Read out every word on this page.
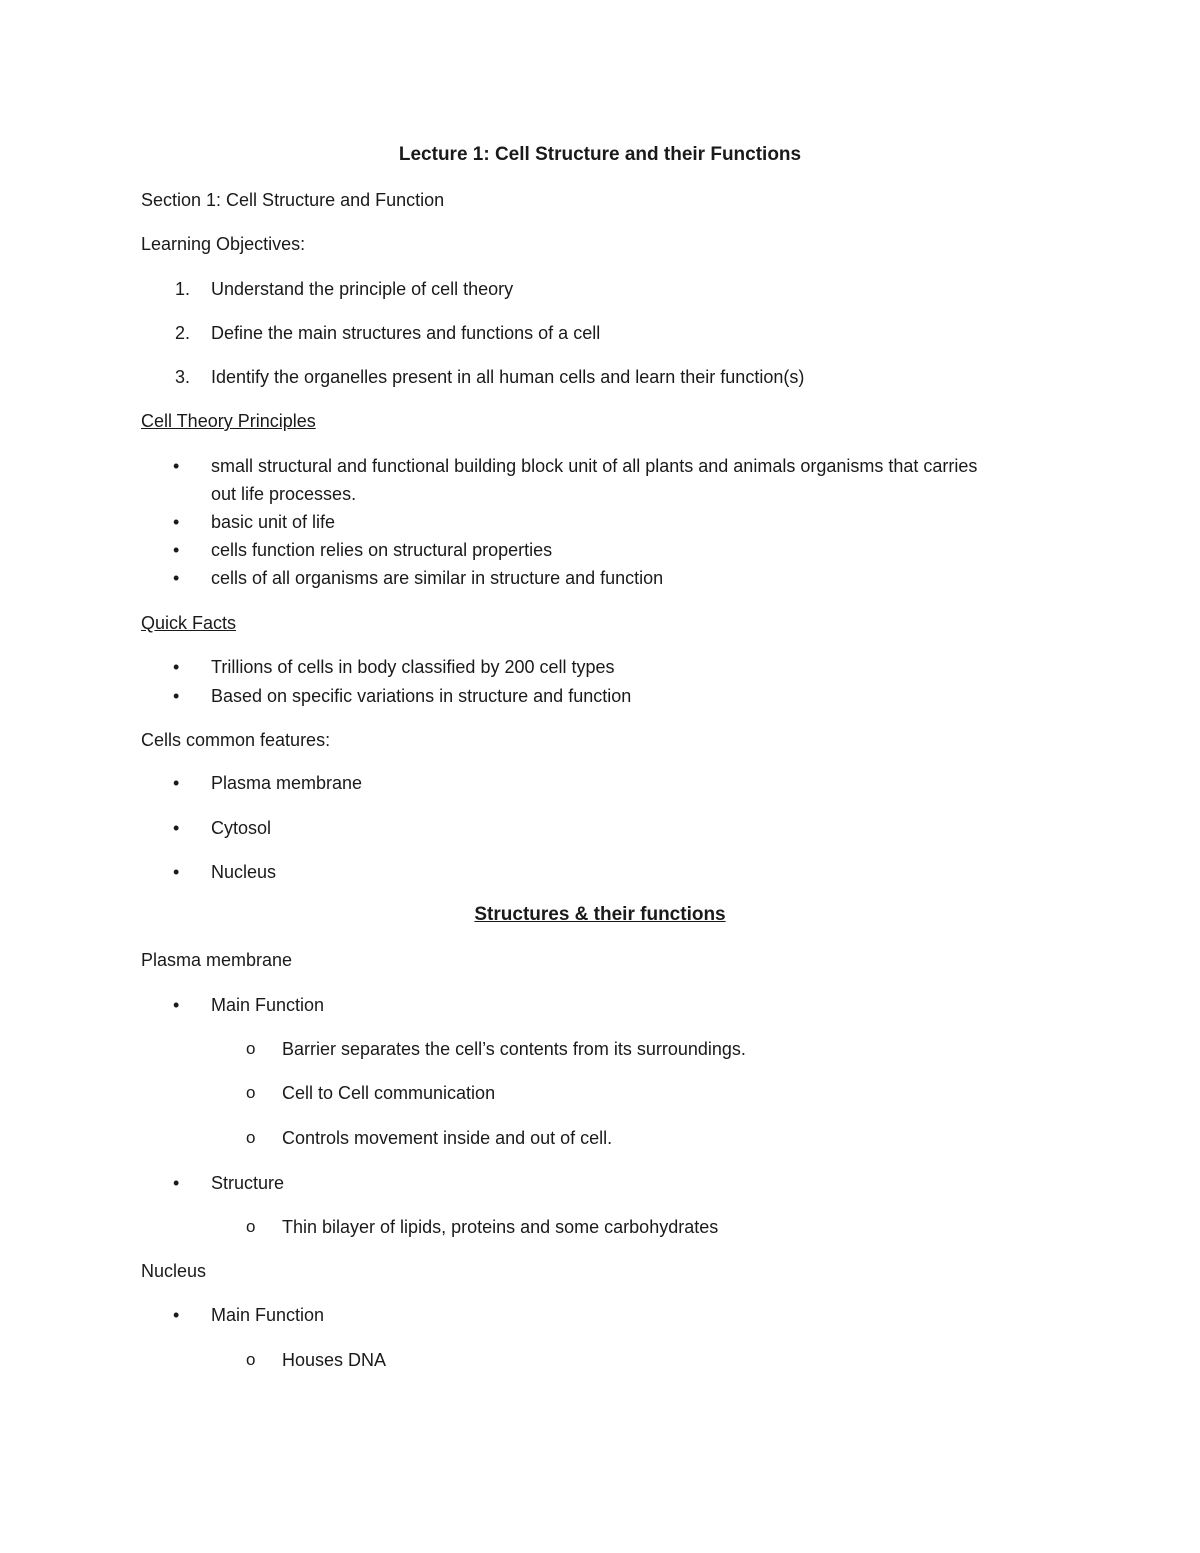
Lecture 1: Cell Structure and their Functions
Section 1: Cell Structure and Function
Learning Objectives:
1.	Understand the principle of cell theory
2.	Define the main structures and functions of a cell
3.	Identify the organelles present in all human cells and learn their function(s)
Cell Theory Principles
•	small structural and functional building block unit of all plants and animals organisms that carries
out life processes.
•	basic unit of life
•	cells function relies on structural properties
•	cells of all organisms are similar in structure and function
Quick Facts
•	Trillions of cells in body classified by 200 cell types
•	Based on specific variations in structure and function
Cells common features:
•	Plasma membrane
•	Cytosol
•	Nucleus
Structures & their functions
Plasma membrane
•	Main Function
o Barrier separates the cell’s contents from its surroundings.
o Cell to Cell communication
o Controls movement inside and out of cell.
•	Structure
o Thin bilayer of lipids, proteins and some carbohydrates
Nucleus
•	Main Function
o Houses DNA
